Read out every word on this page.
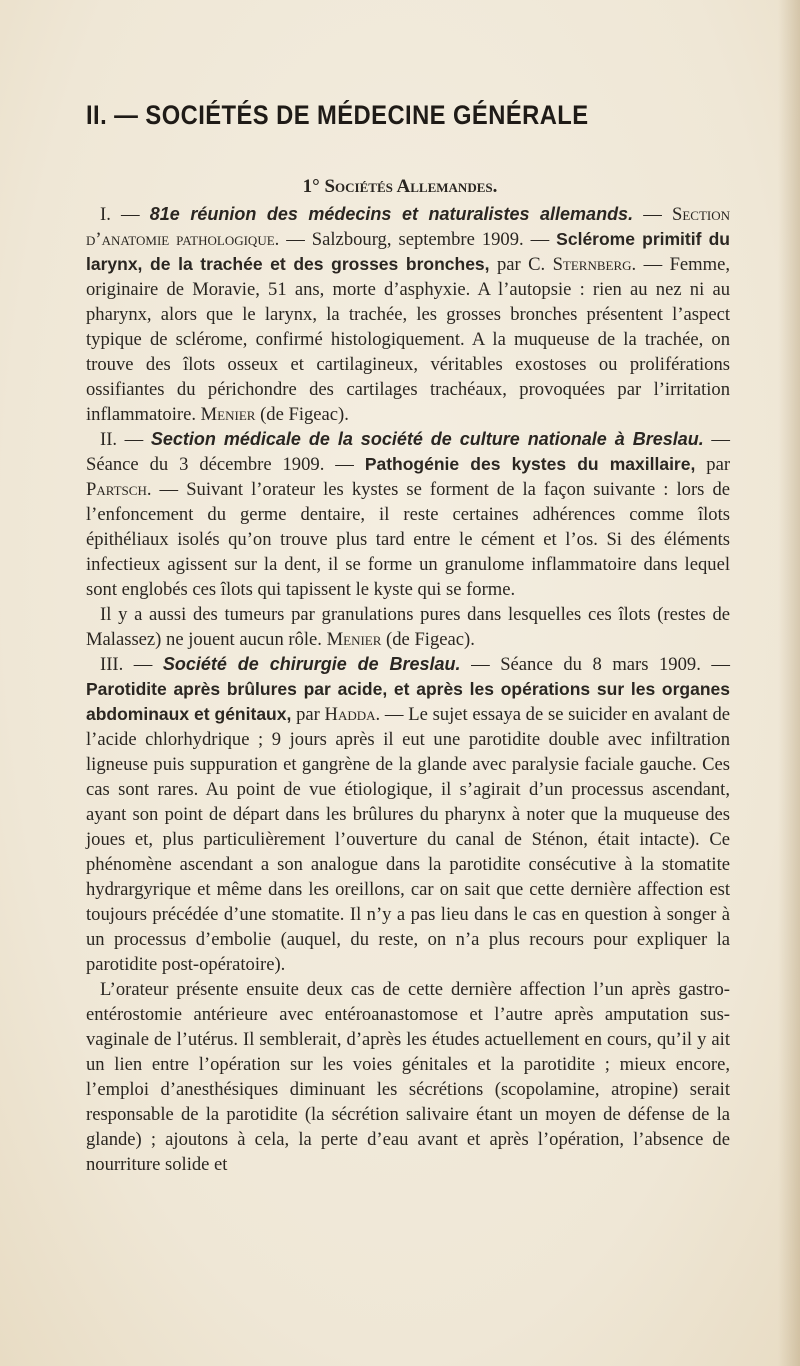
II. — SOCIÉTÉS DE MÉDECINE GÉNÉRALE
1° Sociétés Allemandes.

I. — 81e réunion des médecins et naturalistes allemands. — Section d’anatomie pathologique. — Salzbourg, septembre 1909. — Sclérome primitif du larynx, de la trachée et des grosses bronches, par C. Sternberg. — Femme, originaire de Moravie, 51 ans, morte d’asphyxie. A l’autopsie : rien au nez ni au pharynx, alors que le larynx, la trachée, les grosses bronches présentent l’aspect typique de sclérome, confirmé histologiquement. A la muqueuse de la trachée, on trouve des îlots osseux et cartilagineux, véritables exostoses ou proliférations ossifiantes du périchondre des cartilages trachéaux, provoquées par l’irritation inflammatoire. Menier (de Figeac).

II. — Section médicale de la société de culture nationale à Breslau. — Séance du 3 décembre 1909. — Pathogénie des kystes du maxillaire, par Partsch. — Suivant l’orateur les kystes se forment de la façon suivante : lors de l’enfoncement du germe dentaire, il reste certaines adhérences comme îlots épithéliaux isolés qu’on trouve plus tard entre le cément et l’os. Si des éléments infectieux agissent sur la dent, il se forme un granulome inflammatoire dans lequel sont englobés ces îlots qui tapissent le kyste qui se forme.

Il y a aussi des tumeurs par granulations pures dans lesquelles ces îlots (restes de Malassez) ne jouent aucun rôle. Menier (de Figeac).

III. — Société de chirurgie de Breslau. — Séance du 8 mars 1909. — Parotidite après brûlures par acide, et après les opérations sur les organes abdominaux et génitaux, par Hadda. — Le sujet essaya de se suicider en avalant de l’acide chlorhydrique ; 9 jours après il eut une parotidite double avec infiltration ligneuse puis suppuration et gangrène de la glande avec paralysie faciale gauche. Ces cas sont rares. Au point de vue étiologique, il s’agirait d’un processus ascendant, ayant son point de départ dans les brûlures du pharynx à noter que la muqueuse des joues et, plus particulièrement l’ouverture du canal de Sténon, était intacte). Ce phénomène ascendant a son analogue dans la parotidite consécutive à la stomatite hydrargyrique et même dans les oreillons, car on sait que cette dernière affection est toujours précédée d’une stomatite. Il n’y a pas lieu dans le cas en question à songer à un processus d’embolie (auquel, du reste, on n’a plus recours pour expliquer la parotidite post-opératoire).

L’orateur présente ensuite deux cas de cette dernière affection l’un après gastro-entérostomie antérieure avec entéroanastomose et l’autre après amputation sus-vaginale de l’utérus. Il semblerait, d’après les études actuellement en cours, qu’il y ait un lien entre l’opération sur les voies génitales et la parotidite ; mieux encore, l’emploi d’anesthésiques diminuant les sécrétions (scopolamine, atropine) serait responsable de la parotidite (la sécrétion salivaire étant un moyen de défense de la glande) ; ajoutons à cela, la perte d’eau avant et après l’opération, l’absence de nourriture solide et
